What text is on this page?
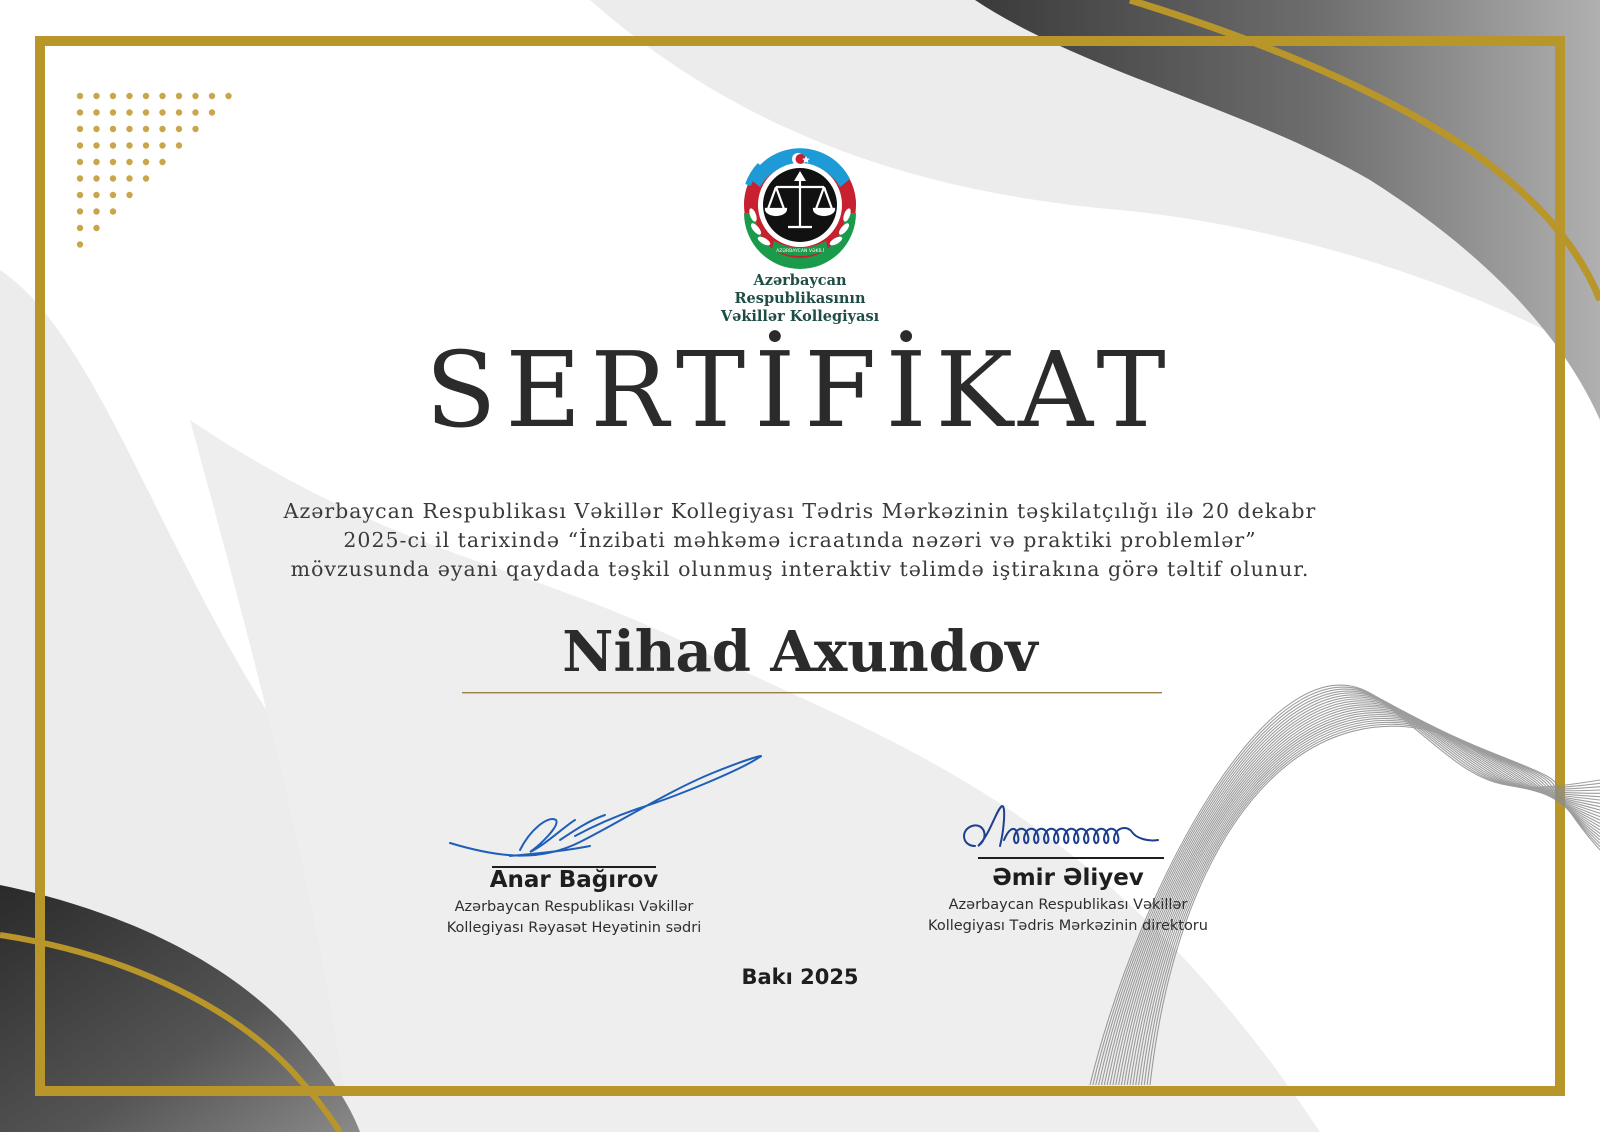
AZƏRBAYCAN VƏKİLİ
Azərbaycan
Respublikasının
Vəkillər Kollegiyası
SERTİFİKAT
Azərbaycan Respublikası Vəkillər Kollegiyası Tədris Mərkəzinin təşkilatçılığı ilə 20 dekabr
2025-ci il tarixində “İnzibati məhkəmə icraatında nəzəri və praktiki problemlər”
mövzusunda əyani qaydada təşkil olunmuş interaktiv təlimdə iştirakına görə təltif olunur.
Nihad Axundov
Anar Bağırov
Azərbaycan Respublikası Vəkillər
Kollegiyası Rəyasət Heyətinin sədri
Əmir Əliyev
Azərbaycan Respublikası Vəkillər
Kollegiyası Tədris Mərkəzinin direktoru
Bakı 2025
